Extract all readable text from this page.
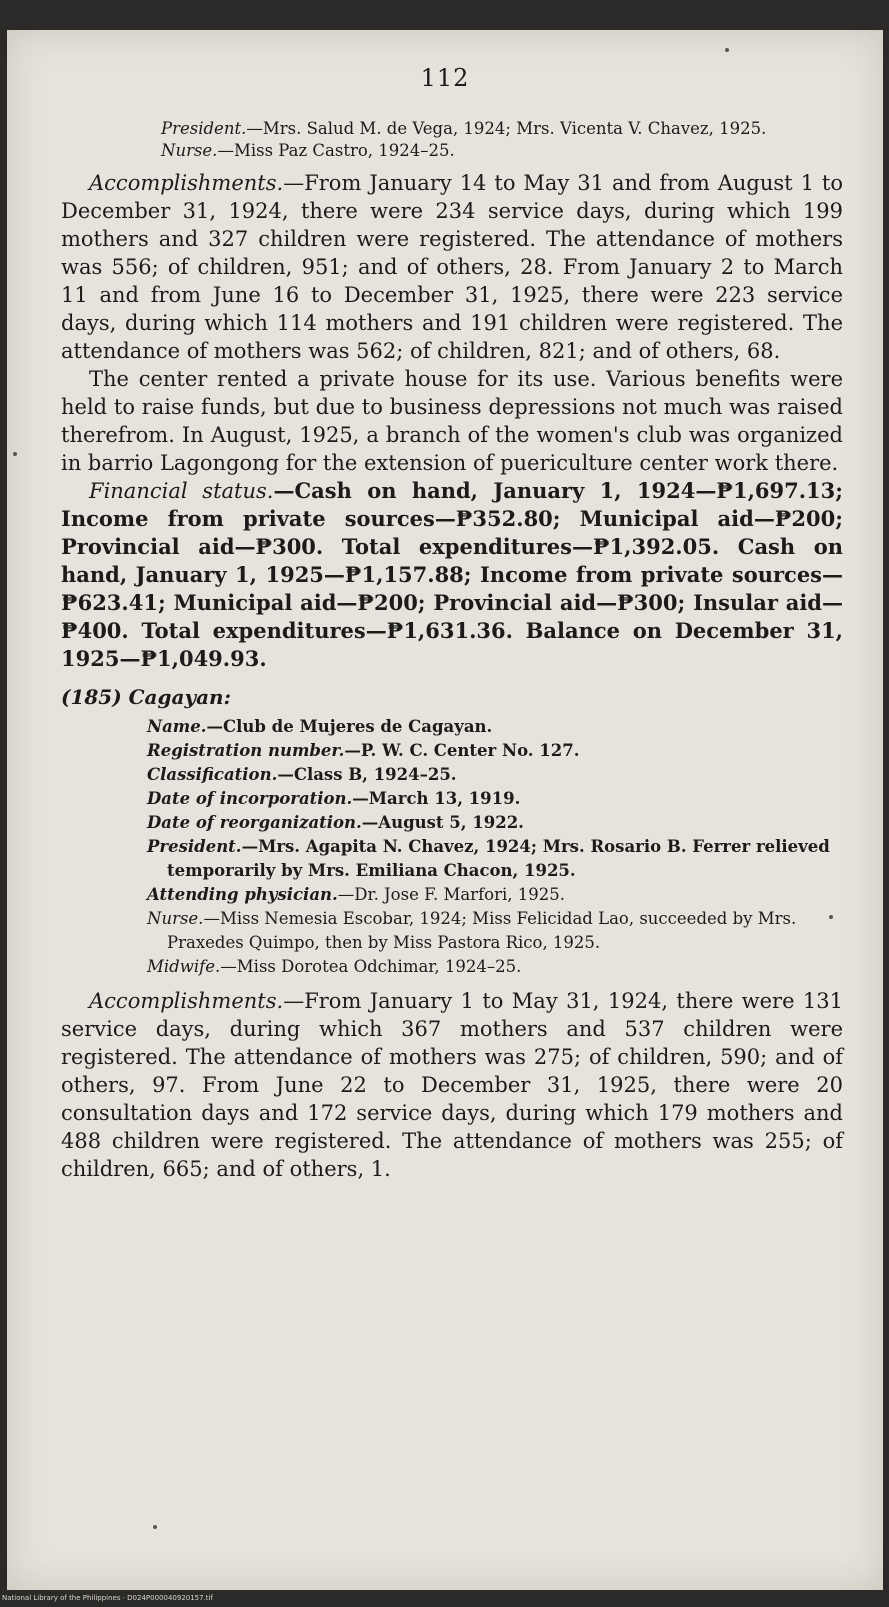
112

President.—Mrs. Salud M. de Vega, 1924; Mrs. Vicenta V. Chavez, 1925.

Nurse.—Miss Paz Castro, 1924–25.

Accomplishments.—From January 14 to May 31 and from August 1 to December 31, 1924, there were 234 service days, during which 199 mothers and 327 children were registered. The attendance of mothers was 556; of children, 951; and of others, 28. From January 2 to March 11 and from June 16 to December 31, 1925, there were 223 service days, during which 114 mothers and 191 children were registered. The attendance of mothers was 562; of children, 821; and of others, 68.

The center rented a private house for its use. Various benefits were held to raise funds, but due to business depressions not much was raised therefrom. In August, 1925, a branch of the women's club was organized in barrio Lagongong for the extension of puericulture center work there.

Financial status.—Cash on hand, January 1, 1924—₱1,697.13; Income from private sources—₱352.80; Municipal aid—₱200; Provincial aid—₱300. Total expenditures—₱1,392.05. Cash on hand, January 1, 1925—₱1,157.88; Income from private sources—₱623.41; Municipal aid—₱200; Provincial aid—₱300; Insular aid—₱400. Total expenditures—₱1,631.36. Balance on December 31, 1925—₱1,049.93.

(185) Cagayan:

Name.—Club de Mujeres de Cagayan.

Registration number.—P. W. C. Center No. 127.

Classification.—Class B, 1924–25.

Date of incorporation.—March 13, 1919.

Date of reorganization.—August 5, 1922.

President.—Mrs. Agapita N. Chavez, 1924; Mrs. Rosario B. Ferrer relieved temporarily by Mrs. Emiliana Chacon, 1925.

Attending physician.—Dr. Jose F. Marfori, 1925.

Nurse.—Miss Nemesia Escobar, 1924; Miss Felicidad Lao, succeeded by Mrs. Praxedes Quimpo, then by Miss Pastora Rico, 1925.

Midwife.—Miss Dorotea Odchimar, 1924–25.

Accomplishments.—From January 1 to May 31, 1924, there were 131 service days, during which 367 mothers and 537 children were registered. The attendance of mothers was 275; of children, 590; and of others, 97. From June 22 to December 31, 1925, there were 20 consultation days and 172 service days, during which 179 mothers and 488 children were registered. The attendance of mothers was 255; of children, 665; and of others, 1.

National Library of the Philippines · D024P000040920157.tif
